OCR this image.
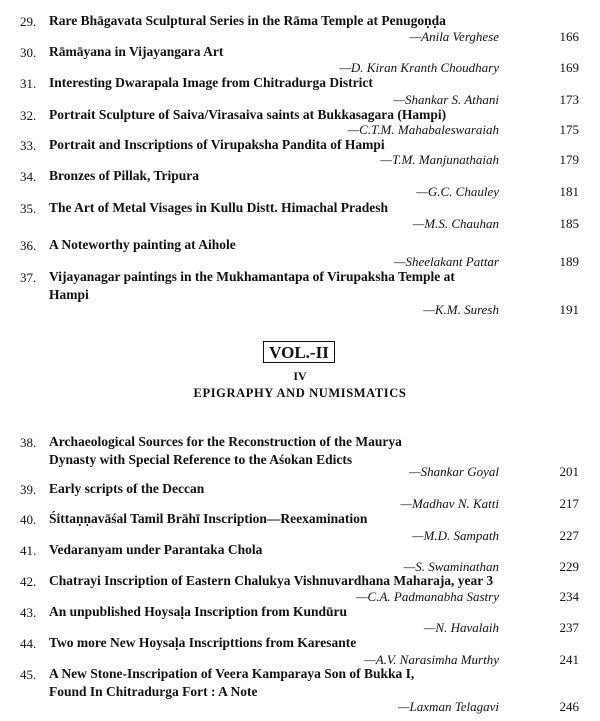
29. Rare Bhāgavata Sculptural Series in the Rāma Temple at Penugoṇḍa
—Anila Verghese	166
30. Rāmāyana in Vijayangara Art
—D. Kiran Kranth Choudhary	169
31. Interesting Dwarapala Image from Chitradurga District
—Shankar S. Athani	173
32. Portrait Sculpture of Saiva/Virasaiva saints at Bukkasagara (Hampi)
—C.T.M. Mahabaleswaraiah	175
33. Portrait and Inscriptions of Virupaksha Pandita of Hampi
—T.M. Manjunathaiah	179
34. Bronzes of Pillak, Tripura
—G.C. Chauley	181
35. The Art of Metal Visages in Kullu Distt. Himachal Pradesh
—M.S. Chauhan	185
36. A Noteworthy painting at Aihole
—Sheelakant Pattar	189
37. Vijayanagar paintings in the Mukhamantapa of Virupaksha Temple at Hampi
—K.M. Suresh	191
VOL.-II
IV
EPIGRAPHY AND NUMISMATICS
38. Archaeological Sources for the Reconstruction of the Maurya Dynasty with Special Reference to the Aśokan Edicts
—Shankar Goyal	201
39. Early scripts of the Deccan
—Madhav N. Katti	217
40. Śittaṇṇavāśal Tamil Brāhī Inscription—Reexamination
—M.D. Sampath	227
41. Vedaranyam under Parantaka Chola
—S. Swaminathan	229
42. Chatrayi Inscription of Eastern Chalukya Vishnuvardhana Maharaja, year 3
—C.A. Padmanabha Sastry	234
43. An unpublished Hoysaḷa Inscription from Kundūru
—N. Havalaih	237
44. Two more New Hoysaḷa Inscripttions from Karesante
—A.V. Narasimha Murthy	241
45. A New Stone-Inscripation of Veera Kamparaya Son of Bukka I, Found In Chitradurga Fort : A Note
—Laxman Telagavi	246
